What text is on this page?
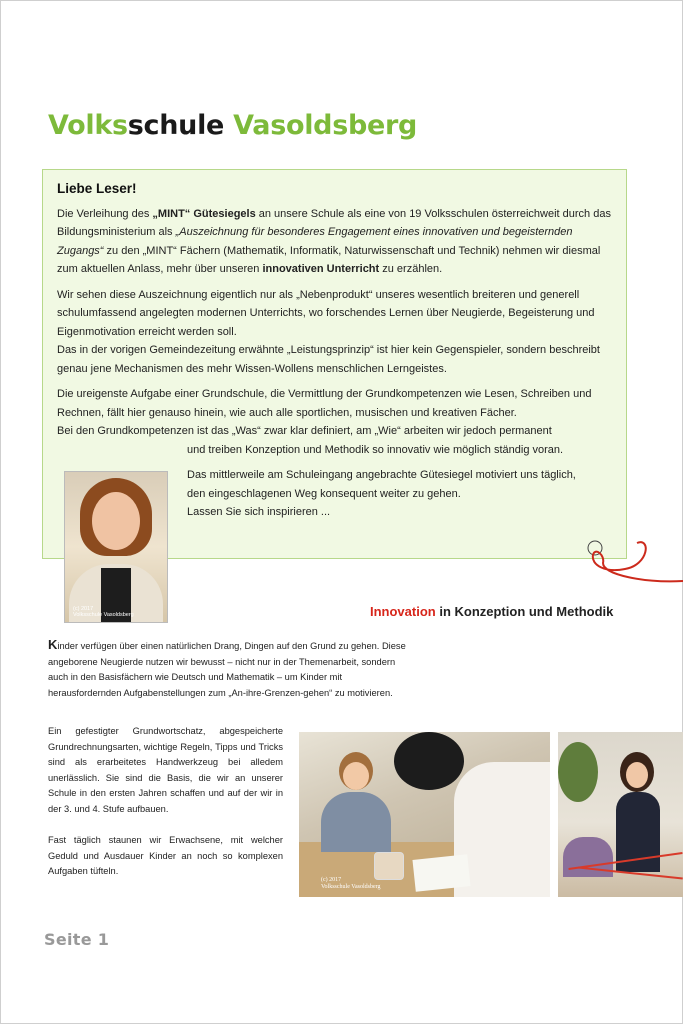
Volksschule Vasoldsberg
Liebe Leser!

Die Verleihung des „MINT“ Gütesiegels an unsere Schule als eine von 19 Volksschulen österreichweit durch das Bildungsministerium als „Auszeichnung für besonderes Engagement eines innovativen und begeisternden Zugangs“ zu den „MINT“ Fächern (Mathematik, Informatik, Naturwissenschaft und Technik) nehmen wir diesmal zum aktuellen Anlass, mehr über unseren innovativen Unterricht zu erzählen.

Wir sehen diese Auszeichnung eigentlich nur als „Nebenprodukt“ unseres wesentlich breiteren und generell schulumfassend angelegten modernen Unterrichts, wo forschendes Lernen über Neugierde, Begeisterung und Eigenmotivation erreicht werden soll.

Das in der vorigen Gemeindezeitung erwähnte „Leistungsprinzip“ ist hier kein Gegenspieler, sondern beschreibt genau jene Mechanismen des mehr Wissen-Wollens menschlichen Lerngeistes.

Die ureigenste Aufgabe einer Grundschule, die Vermittlung der Grundkompetenzen wie Lesen, Schreiben und Rechnen, fällt hier genauso hinein, wie auch alle sportlichen, musischen und kreativen Fächer.

Bei den Grundkompetenzen ist das „Was“ zwar klar definiert, am „Wie“ arbeiten wir jedoch permanent

und treiben Konzeption und Methodik so innovativ wie möglich ständig voran.

Das mittlerweile am Schuleingang angebrachte Gütesiegel motiviert uns täglich,

den eingeschlagenen Weg konsequent weiter zu gehen.

Lassen Sie sich inspirieren ...

(c) 2017
Volksschule Vasoldsberg	Innovation in Konzeption und Methodik
Kinder verfügen über einen natürlichen Drang, Dingen auf den Grund zu gehen. Diese angeborene Neugierde nutzen wir bewusst – nicht nur in der Themenarbeit, sondern auch in den Basisfächern wie Deutsch und Mathematik – um Kinder mit herausfordernden Aufgabenstellungen zum „An-ihre-Grenzen-gehen“ zu motivieren.
Ein gefestigter Grundwortschatz, abgespeicherte Grundrechnungsarten, wichtige Regeln, Tipps und Tricks sind als erarbeitetes Handwerkzeug bei alledem unerlässlich. Sie sind die Basis, die wir an unserer Schule in den ersten Jahren schaffen und auf der wir in der 3. und 4. Stufe aufbauen.
Fast täglich staunen wir Erwachsene, mit welcher Geduld und Ausdauer Kinder an noch so komplexen Aufgaben tüfteln.
(c) 2017
Volksschule Vasoldsberg
Seite 1
